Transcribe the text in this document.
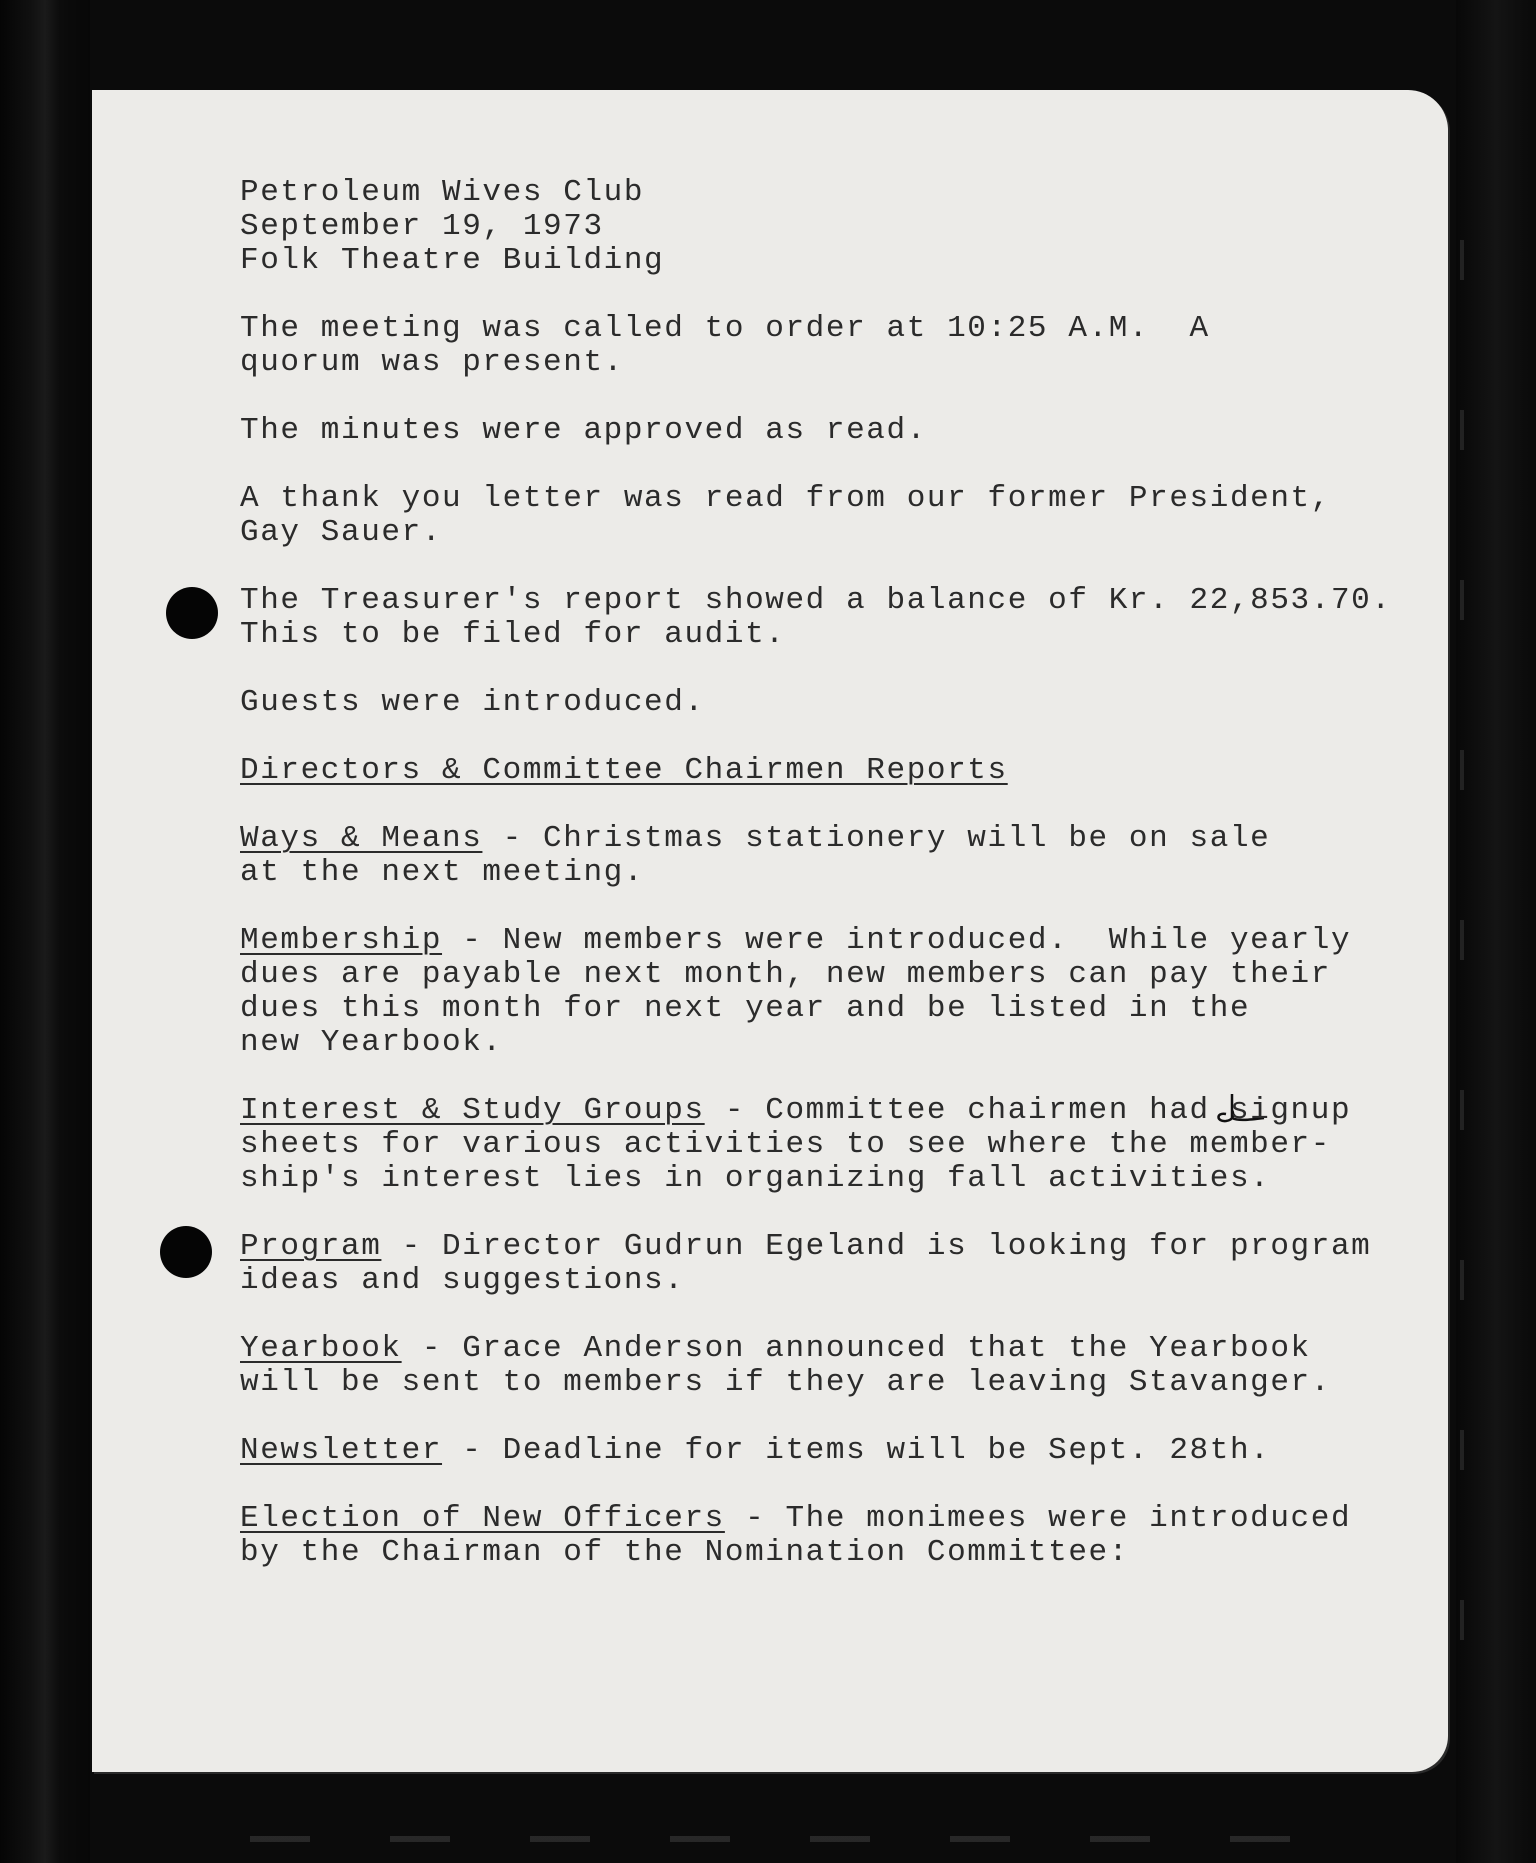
Petroleum Wives Club
September 19, 1973
Folk Theatre Building
The meeting was called to order at 10:25 A.M.  A
quorum was present.
The minutes were approved as read.
A thank you letter was read from our former President,
Gay Sauer.
The Treasurer's report showed a balance of Kr. 22,853.70.
This to be filed for audit.
Guests were introduced.
Directors & Committee Chairmen Reports
Ways & Means - Christmas stationery will be on sale
at the next meeting.
Membership - New members were introduced.  While yearly
dues are payable next month, new members can pay their
dues this month for next year and be listed in the
new Yearbook.
Interest & Study Groups - Committee chairmen had signup
sheets for various activities to see where the member-
ship's interest lies in organizing fall activities.
Program - Director Gudrun Egeland is looking for program
ideas and suggestions.
Yearbook - Grace Anderson announced that the Yearbook
will be sent to members if they are leaving Stavanger.
Newsletter - Deadline for items will be Sept. 28th.
Election of New Officers - The monimees were introduced
by the Chairman of the Nomination Committee:
